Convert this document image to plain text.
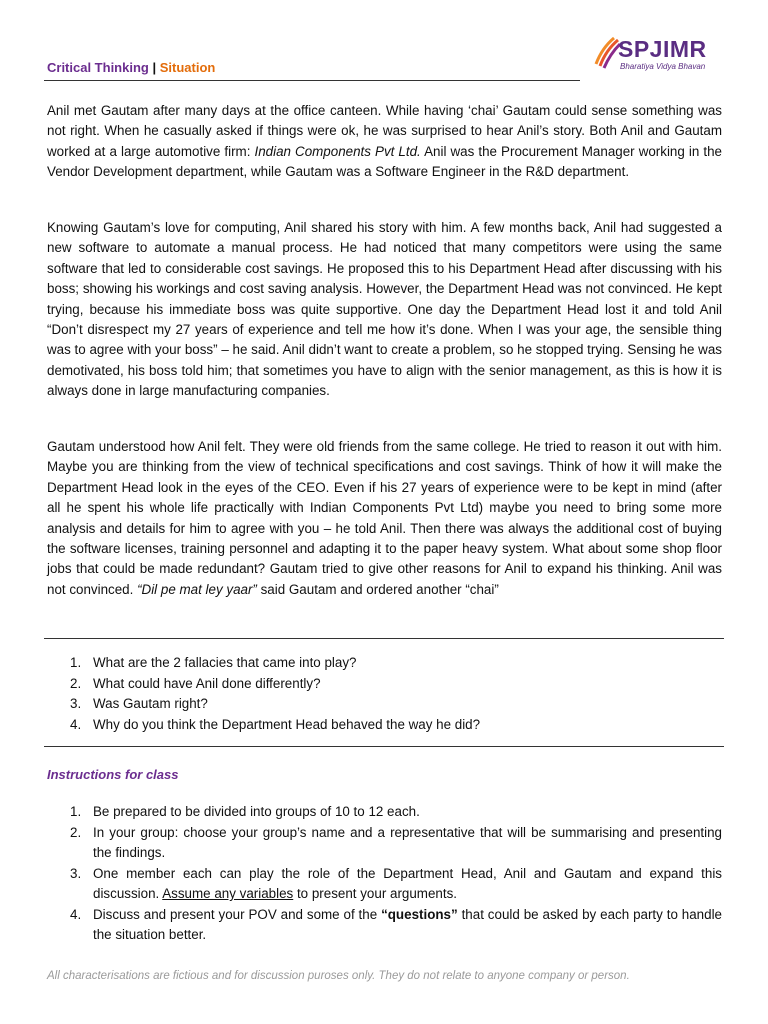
Critical Thinking | Situation
SPJIMR
Bharatiya Vidya Bhavan

Anil met Gautam after many days at the office canteen. While having ‘chai’ Gautam could sense something was not right. When he casually asked if things were ok, he was surprised to hear Anil’s story. Both Anil and Gautam worked at a large automotive firm: Indian Components Pvt Ltd. Anil was the Procurement Manager working in the Vendor Development department, while Gautam was a Software Engineer in the R&D department.

Knowing Gautam’s love for computing, Anil shared his story with him. A few months back, Anil had suggested a new software to automate a manual process. He had noticed that many competitors were using the same software that led to considerable cost savings. He proposed this to his Department Head after discussing with his boss; showing his workings and cost saving analysis. However, the Department Head was not convinced. He kept trying, because his immediate boss was quite supportive. One day the Department Head lost it and told Anil “Don’t disrespect my 27 years of experience and tell me how it’s done. When I was your age, the sensible thing was to agree with your boss” – he said. Anil didn’t want to create a problem, so he stopped trying. Sensing he was demotivated, his boss told him; that sometimes you have to align with the senior management, as this is how it is always done in large manufacturing companies.

Gautam understood how Anil felt. They were old friends from the same college. He tried to reason it out with him. Maybe you are thinking from the view of technical specifications and cost savings. Think of how it will make the Department Head look in the eyes of the CEO. Even if his 27 years of experience were to be kept in mind (after all he spent his whole life practically with Indian Components Pvt Ltd) maybe you need to bring some more analysis and details for him to agree with you – he told Anil. Then there was always the additional cost of buying the software licenses, training personnel and adapting it to the paper heavy system. What about some shop floor jobs that could be made redundant? Gautam tried to give other reasons for Anil to expand his thinking. Anil was not convinced. “Dil pe mat ley yaar” said Gautam and ordered another “chai”

1. What are the 2 fallacies that came into play?
2. What could have Anil done differently?
3. Was Gautam right?
4. Why do you think the Department Head behaved the way he did?
Instructions for class
1. Be prepared to be divided into groups of 10 to 12 each.
2. In your group: choose your group’s name and a representative that will be summarising and presenting the findings.
3. One member each can play the role of the Department Head, Anil and Gautam and expand this discussion. Assume any variables to present your arguments.
4. Discuss and present your POV and some of the “questions” that could be asked by each party to handle the situation better.
All characterisations are fictious and for discussion puroses only. They do not relate to anyone company or person.
